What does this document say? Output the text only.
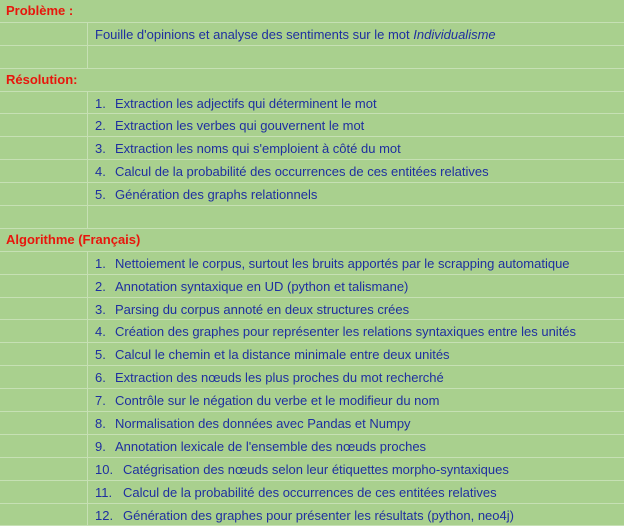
Problème :
Fouille d'opinions et analyse des sentiments sur le mot Individualisme
Résolution:
1. Extraction les adjectifs qui déterminent le mot
2. Extraction les verbes qui gouvernent le mot
3. Extraction les noms qui s'emploient à côté du mot
4. Calcul de la probabilité des occurrences de ces entitées relatives
5. Génération des graphs relationnels
Algorithme (Français)
1. Nettoiement le corpus, surtout les bruits apportés par le scrapping automatique
2. Annotation syntaxique en UD (python et talismane)
3. Parsing du corpus annoté en deux structures crées
4. Création des graphes pour représenter les relations syntaxiques entre les unités
5. Calcul le chemin et la distance minimale entre deux unités
6. Extraction des nœuds les plus proches du mot recherché
7. Contrôle sur le négation du verbe et le modifieur du nom
8. Normalisation des données avec Pandas et Numpy
9. Annotation lexicale de l'ensemble des nœuds proches
10. Catégrisation des nœuds selon leur étiquettes morpho-syntaxiques
11. Calcul de la probabilité des occurrences de ces entitées relatives
12. Génération des graphes pour présenter les résultats (python, neo4j)
